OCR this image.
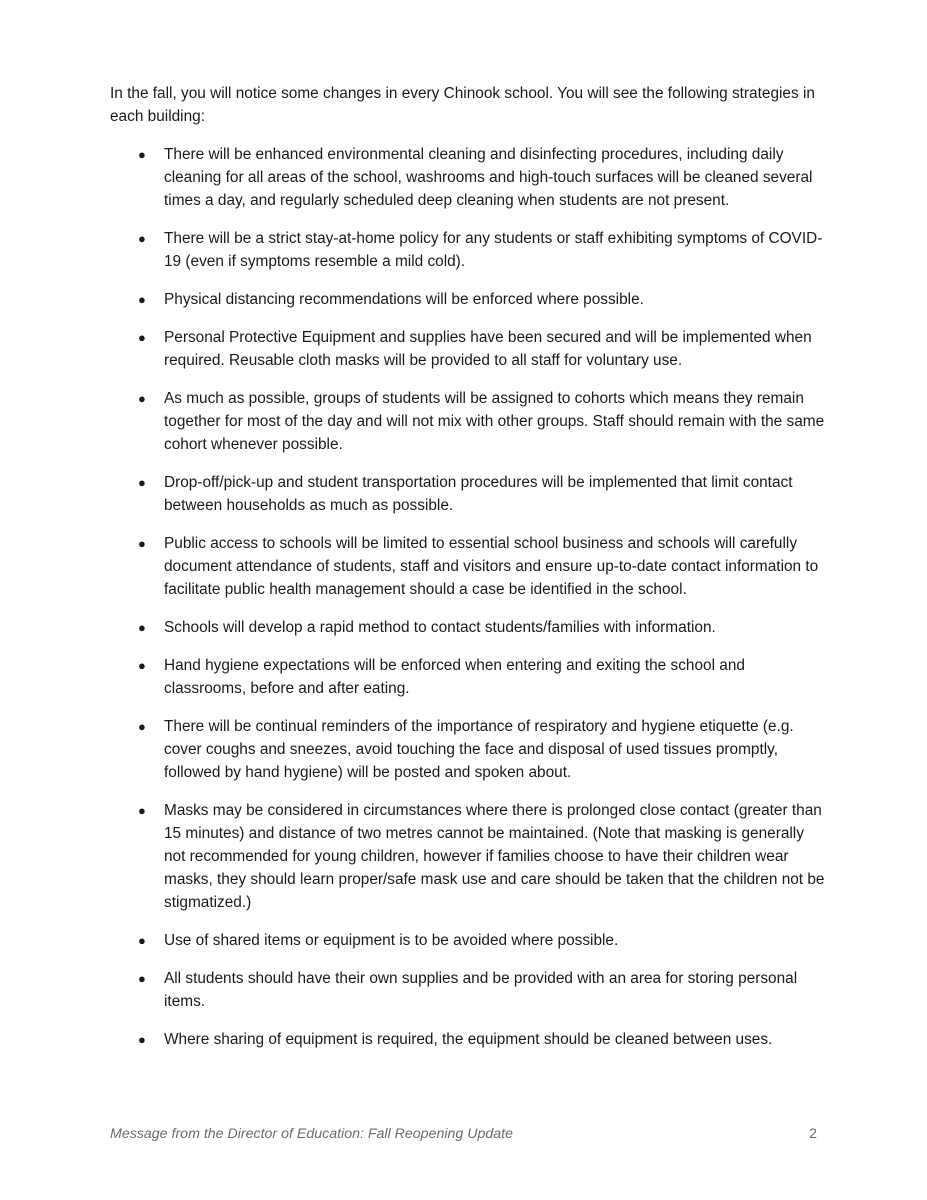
In the fall, you will notice some changes in every Chinook school. You will see the following strategies in each building:

● There will be enhanced environmental cleaning and disinfecting procedures, including daily cleaning for all areas of the school, washrooms and high-touch surfaces will be cleaned several times a day, and regularly scheduled deep cleaning when students are not present.
● There will be a strict stay-at-home policy for any students or staff exhibiting symptoms of COVID-19 (even if symptoms resemble a mild cold).
● Physical distancing recommendations will be enforced where possible.
● Personal Protective Equipment and supplies have been secured and will be implemented when required. Reusable cloth masks will be provided to all staff for voluntary use.
● As much as possible, groups of students will be assigned to cohorts which means they remain together for most of the day and will not mix with other groups. Staff should remain with the same cohort whenever possible.
● Drop-off/pick-up and student transportation procedures will be implemented that limit contact between households as much as possible.
● Public access to schools will be limited to essential school business and schools will carefully document attendance of students, staff and visitors and ensure up-to-date contact information to facilitate public health management should a case be identified in the school.
● Schools will develop a rapid method to contact students/families with information.
● Hand hygiene expectations will be enforced when entering and exiting the school and classrooms, before and after eating.
● There will be continual reminders of the importance of respiratory and hygiene etiquette (e.g. cover coughs and sneezes, avoid touching the face and disposal of used tissues promptly, followed by hand hygiene) will be posted and spoken about.
● Masks may be considered in circumstances where there is prolonged close contact (greater than 15 minutes) and distance of two metres cannot be maintained. (Note that masking is generally not recommended for young children, however if families choose to have their children wear masks, they should learn proper/safe mask use and care should be taken that the children not be stigmatized.)
● Use of shared items or equipment is to be avoided where possible.
● All students should have their own supplies and be provided with an area for storing personal items.
● Where sharing of equipment is required, the equipment should be cleaned between uses.
Message from the Director of Education: Fall Reopening Update	2
